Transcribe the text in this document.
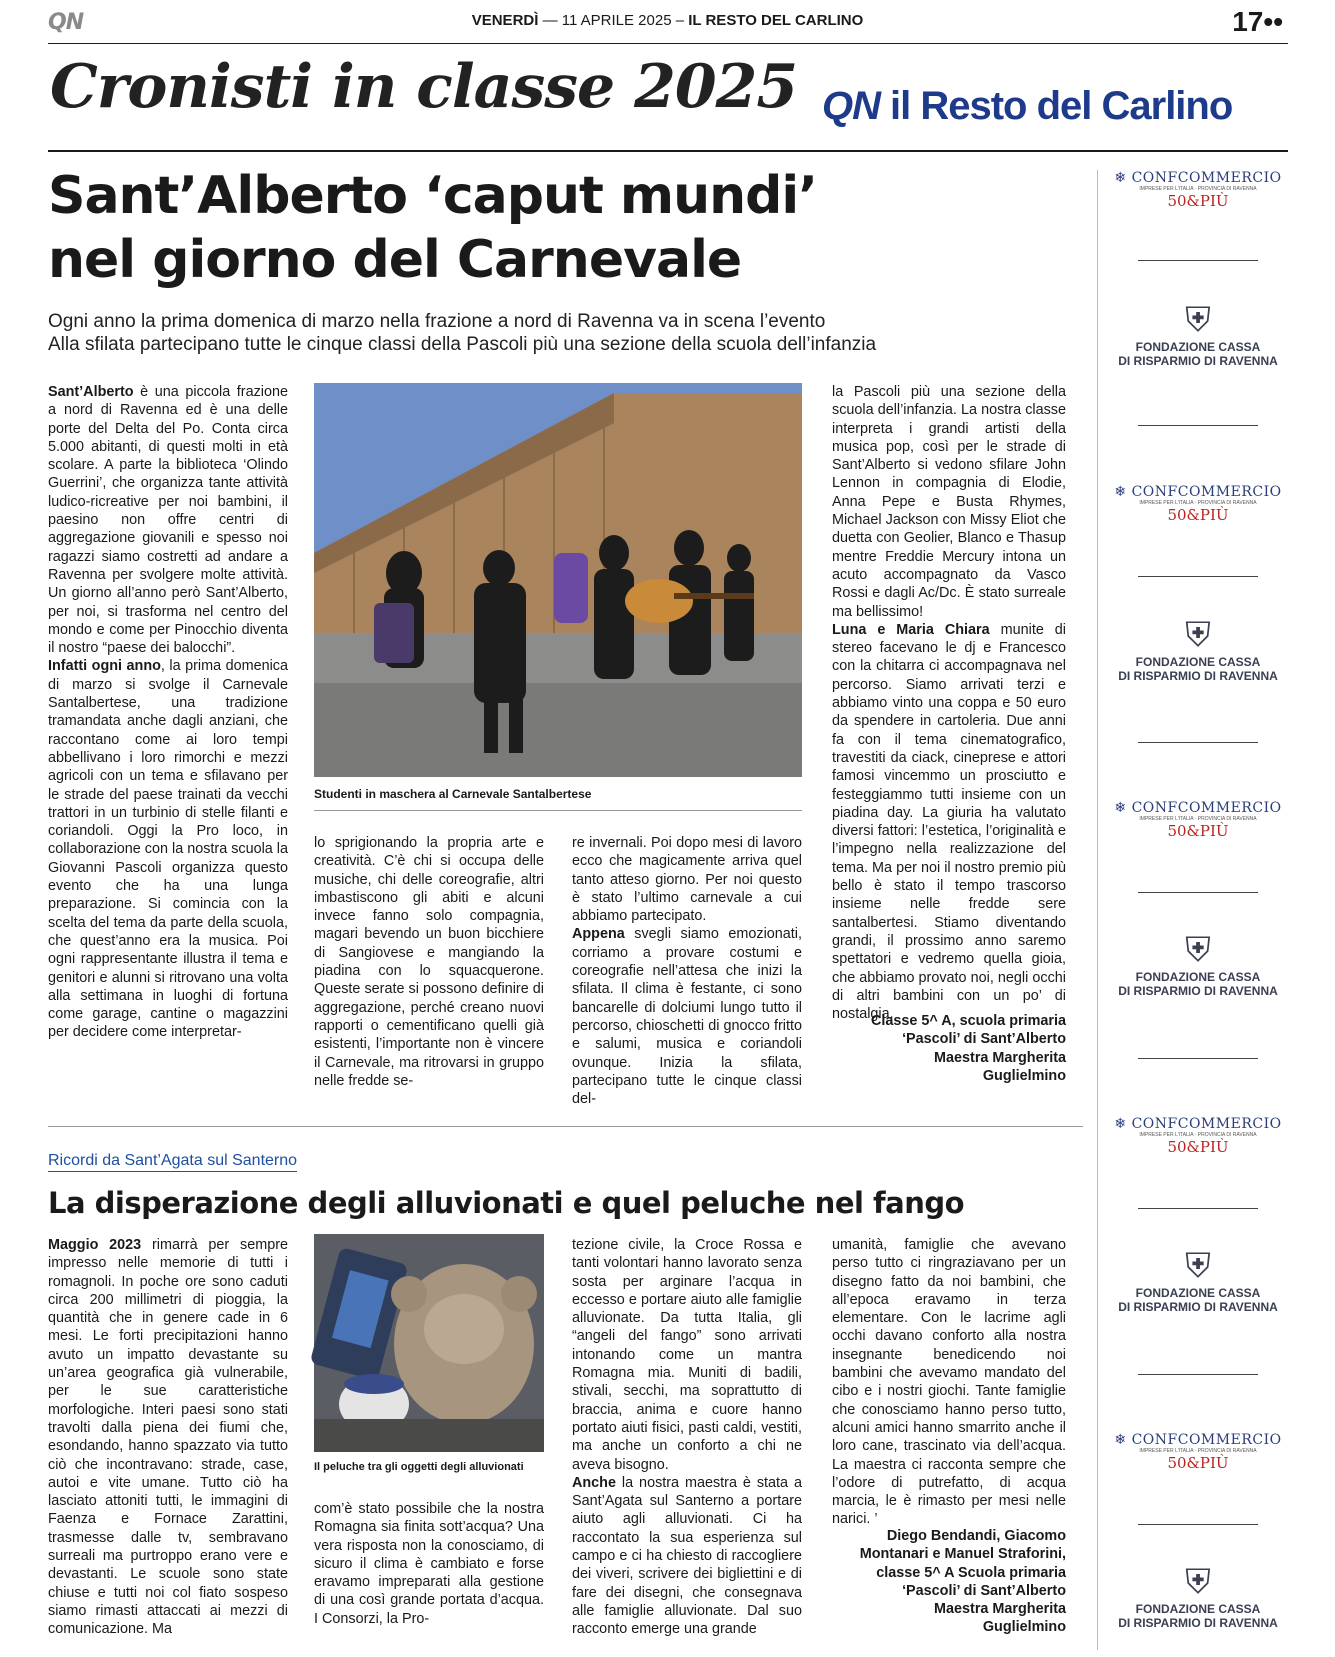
QN	VENERDÌ — 11 APRILE 2025 – IL RESTO DEL CARLINO	17••
Cronisti in classe 2025 QN il Resto del Carlino
Sant’Alberto ‘caput mundi’
nel giorno del Carnevale
Ogni anno la prima domenica di marzo nella frazione a nord di Ravenna va in scena l’evento
Alla sfilata partecipano tutte le cinque classi della Pascoli più una sezione della scuola dell’infanzia

Sant’Alberto è una piccola frazione a nord di Ravenna ed è una delle porte del Delta del Po. Conta circa 5.000 abitanti, di questi molti in età scolare. A parte la biblioteca ‘Olindo Guerrini’, che organizza tante attività ludico-ricreative per noi bambini, il paesino non offre centri di aggregazione giovanili e spesso noi ragazzi siamo costretti ad andare a Ravenna per svolgere molte attività. Un giorno all’anno però Sant’Alberto, per noi, si trasforma nel centro del mondo e come per Pinocchio diventa il nostro “paese dei balocchi”.

Infatti ogni anno, la prima domenica di marzo si svolge il Carnevale Santalbertese, una tradizione tramandata anche dagli anziani, che raccontano come ai loro tempi abbellivano i loro rimorchi e mezzi agricoli con un tema e sfilavano per le strade del paese trainati da vecchi trattori in un turbinio di stelle filanti e coriandoli. Oggi la Pro loco, in collaborazione con la nostra scuola la Giovanni Pascoli organizza questo evento che ha una lunga preparazione. Si comincia con la scelta del tema da parte della scuola, che quest’anno era la musica. Poi ogni rappresentante illustra il tema e genitori e alunni si ritrovano una volta alla settimana in luoghi di fortuna come garage, cantine o magazzini per decidere come interpretar-

Studenti in maschera al Carnevale Santalbertese

lo sprigionando la propria arte e creatività. C’è chi si occupa delle musiche, chi delle coreografie, altri imbastiscono gli abiti e alcuni invece fanno solo compagnia, magari bevendo un buon bicchiere di Sangiovese e mangiando la piadina con lo squacquerone. Queste serate si possono definire di aggregazione, perché creano nuovi rapporti o cementificano quelli già esistenti, l’importante non è vincere il Carnevale, ma ritrovarsi in gruppo nelle fredde se-

re invernali. Poi dopo mesi di lavoro ecco che magicamente arriva quel tanto atteso giorno. Per noi questo è stato l’ultimo carnevale a cui abbiamo partecipato.

Appena svegli siamo emozionati, corriamo a provare costumi e coreografie nell’attesa che inizi la sfilata. Il clima è festante, ci sono bancarelle di dolciumi lungo tutto il percorso, chioschetti di gnocco fritto e salumi, musica e coriandoli ovunque. Inizia la sfilata, partecipano tutte le cinque classi del-

la Pascoli più una sezione della scuola dell’infanzia. La nostra classe interpreta i grandi artisti della musica pop, così per le strade di Sant’Alberto si vedono sfilare John Lennon in compagnia di Elodie, Anna Pepe e Busta Rhymes, Michael Jackson con Missy Eliot che duetta con Geolier, Blanco e Thasup mentre Freddie Mercury intona un acuto accompagnato da Vasco Rossi e dagli Ac/Dc. È stato surreale ma bellissimo!

Luna e Maria Chiara munite di stereo facevano le dj e Francesco con la chitarra ci accompagnava nel percorso. Siamo arrivati terzi e abbiamo vinto una coppa e 50 euro da spendere in cartoleria. Due anni fa con il tema cinematografico, travestiti da ciack, cineprese e attori famosi vincemmo un prosciutto e festeggiammo tutti insieme con un piadina day. La giuria ha valutato diversi fattori: l’estetica, l’originalità e l’impegno nella realizzazione del tema. Ma per noi il nostro premio più bello è stato il tempo trascorso insieme nelle fredde sere santalbertesi. Stiamo diventando grandi, il prossimo anno saremo spettatori e vedremo quella gioia, che abbiamo provato noi, negli occhi di altri bambini con un po’ di nostalgia.

Classe 5^ A, scuola primaria
‘Pascoli’ di Sant’Alberto
Maestra Margherita
Guglielmino
Ricordi da Sant’Agata sul Santerno
La disperazione degli alluvionati e quel peluche nel fango

Maggio 2023 rimarrà per sempre impresso nelle memorie di tutti i romagnoli. In poche ore sono caduti circa 200 millimetri di pioggia, la quantità che in genere cade in 6 mesi. Le forti precipitazioni hanno avuto un impatto devastante su un’area geografica già vulnerabile, per le sue caratteristiche morfologiche. Interi paesi sono stati travolti dalla piena dei fiumi che, esondando, hanno spazzato via tutto ciò che incontravano: strade, case, autoi e vite umane. Tutto ciò ha lasciato attoniti tutti, le immagini di Faenza e Fornace Zarattini, trasmesse dalle tv, sembravano surreali ma purtroppo erano vere e devastanti. Le scuole sono state chiuse e tutti noi col fiato sospeso siamo rimasti attaccati ai mezzi di comunicazione. Ma

Il peluche tra gli oggetti degli alluvionati

com’è stato possibile che la nostra Romagna sia finita sott’acqua? Una vera risposta non la conosciamo, di sicuro il clima è cambiato e forse eravamo impreparati alla gestione di una così grande portata d’acqua. I Consorzi, la Pro-

tezione civile, la Croce Rossa e tanti volontari hanno lavorato senza sosta per arginare l’acqua in eccesso e portare aiuto alle famiglie alluvionate. Da tutta Italia, gli “angeli del fango” sono arrivati intonando come un mantra Romagna mia. Muniti di badili, stivali, secchi, ma soprattutto di braccia, anima e cuore hanno portato aiuti fisici, pasti caldi, vestiti, ma anche un conforto a chi ne aveva bisogno.

Anche la nostra maestra è stata a Sant’Agata sul Santerno a portare aiuto agli alluvionati. Ci ha raccontato la sua esperienza sul campo e ci ha chiesto di raccogliere dei viveri, scrivere dei bigliettini e di fare dei disegni, che consegnava alle famiglie alluvionate. Dal suo racconto emerge una grande

umanità, famiglie che avevano perso tutto ci ringraziavano per un disegno fatto da noi bambini, che all’epoca eravamo in terza elementare. Con le lacrime agli occhi davano conforto alla nostra insegnante benedicendo noi bambini che avevamo mandato del cibo e i nostri giochi. Tante famiglie che conosciamo hanno perso tutto, alcuni amici hanno smarrito anche il loro cane, trascinato via dell’acqua. La maestra ci racconta sempre che l’odore di putrefatto, di acqua marcia, le è rimasto per mesi nelle narici. ’

Diego Bendandi, Giacomo
Montanari e Manuel Straforini,
classe 5^ A Scuola primaria
‘Pascoli’ di Sant’Alberto
Maestra Margherita
Guglielmino
❄ CONFCOMMERCIO
IMPRESE PER L'ITALIA · PROVINCIA DI RAVENNA
50&PIÙ
⛨
FONDAZIONE CASSA
DI RISPARMIO DI RAVENNA
❄ CONFCOMMERCIO
IMPRESE PER L'ITALIA · PROVINCIA DI RAVENNA
50&PIÙ
⛨
FONDAZIONE CASSA
DI RISPARMIO DI RAVENNA
❄ CONFCOMMERCIO
IMPRESE PER L'ITALIA · PROVINCIA DI RAVENNA
50&PIÙ
⛨
FONDAZIONE CASSA
DI RISPARMIO DI RAVENNA
❄ CONFCOMMERCIO
IMPRESE PER L'ITALIA · PROVINCIA DI RAVENNA
50&PIÙ
⛨
FONDAZIONE CASSA
DI RISPARMIO DI RAVENNA
❄ CONFCOMMERCIO
IMPRESE PER L'ITALIA · PROVINCIA DI RAVENNA
50&PIÙ
⛨
FONDAZIONE CASSA
DI RISPARMIO DI RAVENNA
